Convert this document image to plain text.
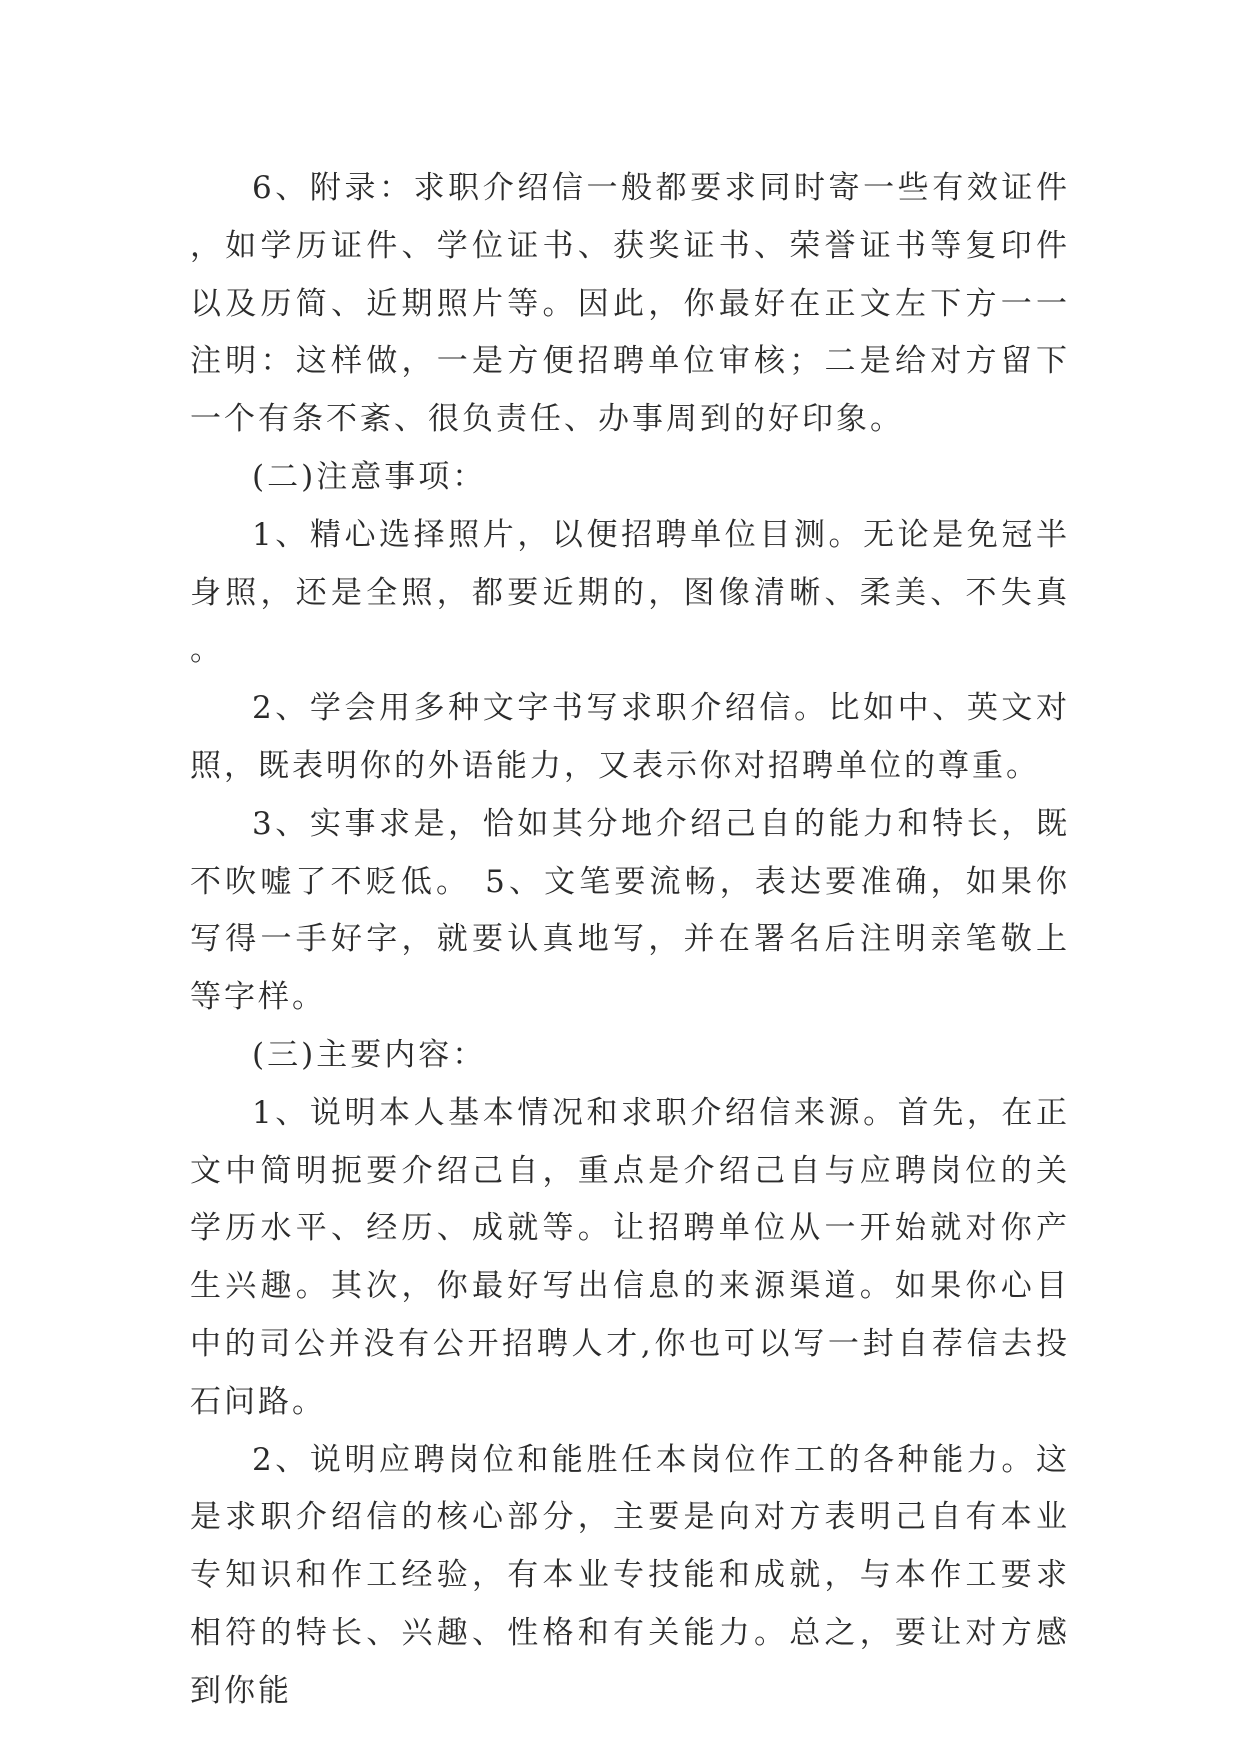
6、附录：求职介绍信一般都要求同时寄一些有效证件，如学历证件、学位证书、获奖证书、荣誉证书等复印件以及历简、近期照片等。因此，你最好在正文左下方一一注明：这样做，一是方便招聘单位审核；二是给对方留下一个有条不紊、很负责任、办事周到的好印象。

(二)注意事项：

1、精心选择照片，以便招聘单位目测。无论是免冠半身照，还是全照，都要近期的，图像清晰、柔美、不失真。

2、学会用多种文字书写求职介绍信。比如中、英文对照，既表明你的外语能力，又表示你对招聘单位的尊重。

3、实事求是，恰如其分地介绍己自的能力和特长，既不吹嘘了不贬低。 5、文笔要流畅，表达要准确，如果你写得一手好字，就要认真地写，并在署名后注明亲笔敬上等字样。

(三)主要内容：

1、说明本人基本情况和求职介绍信来源。首先，在正文中简明扼要介绍己自，重点是介绍己自与应聘岗位的关学历水平、经历、成就等。让招聘单位从一开始就对你产生兴趣。其次，你最好写出信息的来源渠道。如果你心目中的司公并没有公开招聘人才,你也可以写一封自荐信去投石问路。

2、说明应聘岗位和能胜任本岗位作工的各种能力。这是求职介绍信的核心部分，主要是向对方表明己自有本业专知识和作工经验，有本业专技能和成就，与本作工要求相符的特长、兴趣、性格和有关能力。总之，要让对方感到你能
